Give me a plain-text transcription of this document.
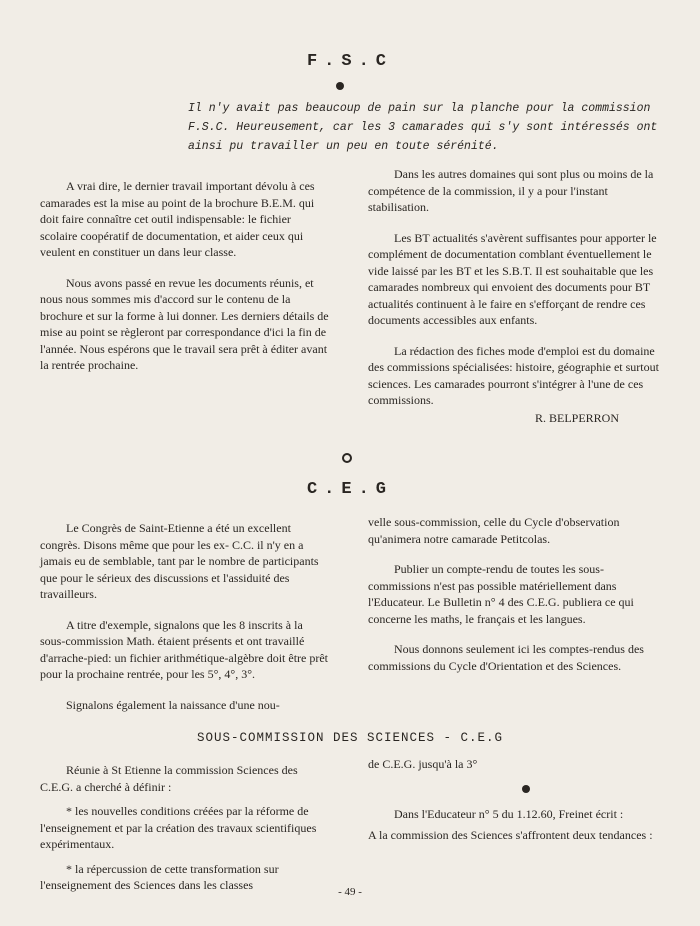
F.S.C
Il n'y avait pas beaucoup de pain sur la planche pour la commission F.S.C. Heureusement, car les 3 camarades qui s'y sont intéressés ont ainsi pu travailler un peu en toute sérénité.

A vrai dire, le dernier travail important dévolu à ces camarades est la mise au point de la brochure B.E.M. qui doit faire connaître cet outil indispensable: le fichier scolaire coopératif de documentation, et aider ceux qui veulent en constituer un dans leur classe.

Nous avons passé en revue les documents réunis, et nous nous sommes mis d'accord sur le contenu de la brochure et sur la forme à lui donner. Les derniers détails de mise au point se règleront par correspondance d'ici la fin de l'année. Nous espérons que le travail sera prêt à éditer avant la rentrée prochaine.

Dans les autres domaines qui sont plus ou moins de la compétence de la commission, il y a pour l'instant stabilisation.

Les BT actualités s'avèrent suffisantes pour apporter le complément de documentation comblant éventuellement le vide laissé par les BT et les S.B.T. Il est souhaitable que les camarades nombreux qui envoient des documents pour BT actualités continuent à le faire en s'efforçant de rendre ces documents accessibles aux enfants.

La rédaction des fiches mode d'emploi est du domaine des commissions spécialisées: histoire, géographie et surtout sciences. Les camarades pourront s'intégrer à l'une de ces commissions.

R. BELPERRON
C.E.G

Le Congrès de Saint-Etienne a été un excellent congrès. Disons même que pour les ex- C.C. il n'y en a jamais eu de semblable, tant par le nombre de participants que pour le sérieux des discussions et l'assiduité des travailleurs.

A titre d'exemple, signalons que les 8 inscrits à la sous-commission Math. étaient présents et ont travaillé d'arrache-pied: un fichier arithmétique-algèbre doit être prêt pour la prochaine rentrée, pour les 5°, 4°, 3°.

Signalons également la naissance d'une nou-

velle sous-commission, celle du Cycle d'observation qu'animera notre camarade Petitcolas.

Publier un compte-rendu de toutes les sous-commissions n'est pas possible matériellement dans l'Educateur. Le Bulletin n° 4 des C.E.G. publiera ce qui concerne les maths, le français et les langues.

Nous donnons seulement ici les comptes-rendus des commissions du Cycle d'Orientation et des Sciences.

SOUS-COMMISSION DES SCIENCES - C.E.G

Réunie à St Etienne la commission Sciences des C.E.G. a cherché à définir :

* les nouvelles conditions créées par la réforme de l'enseignement et par la création des travaux scientifiques expérimentaux.

* la répercussion de cette transformation sur l'enseignement des Sciences dans les classes

de C.E.G. jusqu'à la 3°

Dans l'Educateur n° 5 du 1.12.60, Freinet écrit :

A la commission des Sciences s'affrontent deux tendances :

- 49 -
